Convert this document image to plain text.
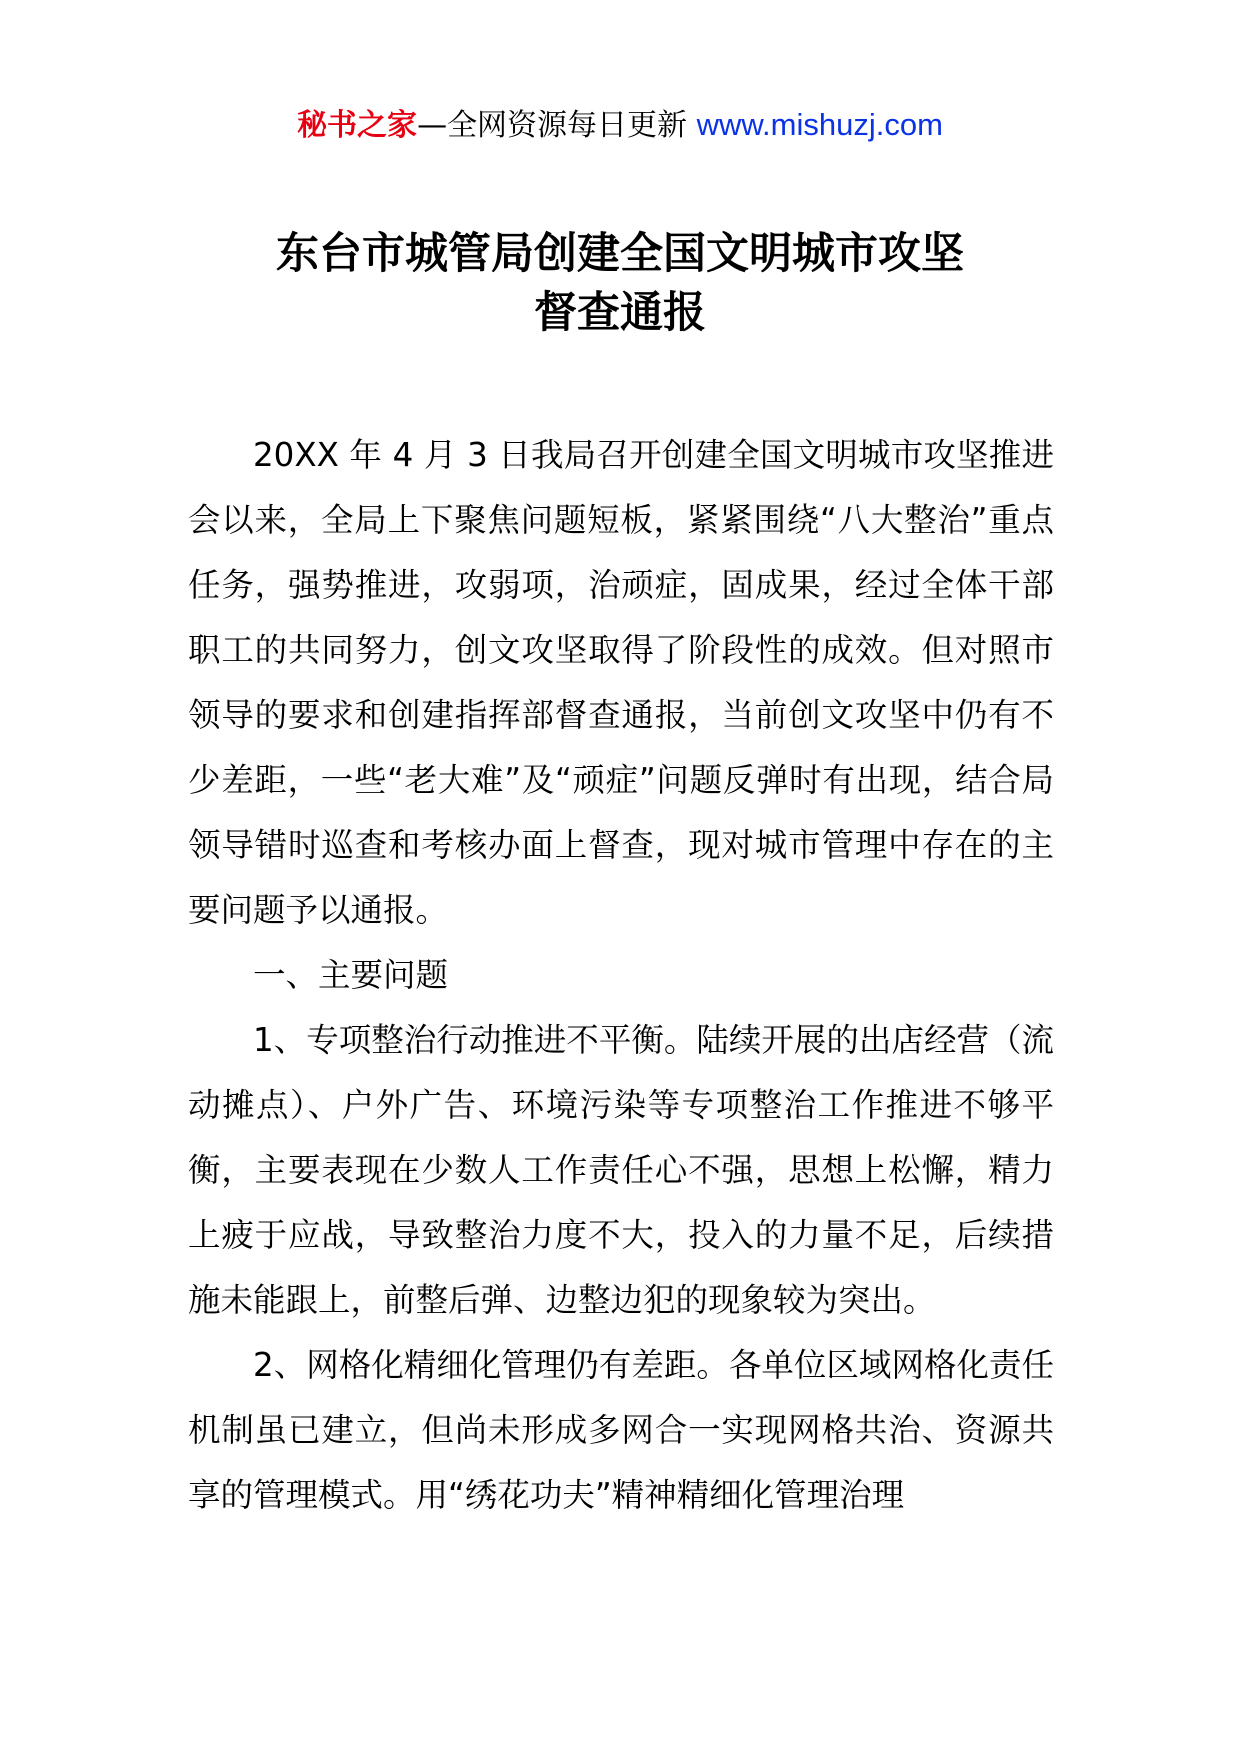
秘书之家—全网资源每日更新 www.mishuzj.com
东台市城管局创建全国文明城市攻坚
督查通报

20XX 年 4 月 3 日我局召开创建全国文明城市攻坚推进会以来，全局上下聚焦问题短板，紧紧围绕“八大整治”重点任务，强势推进，攻弱项，治顽症，固成果，经过全体干部职工的共同努力，创文攻坚取得了阶段性的成效。但对照市领导的要求和创建指挥部督查通报，当前创文攻坚中仍有不少差距，一些“老大难”及“顽症”问题反弹时有出现，结合局领导错时巡查和考核办面上督查，现对城市管理中存在的主要问题予以通报。

一、主要问题

1、专项整治行动推进不平衡。陆续开展的出店经营（流动摊点）、户外广告、环境污染等专项整治工作推进不够平衡，主要表现在少数人工作责任心不强，思想上松懈，精力上疲于应战，导致整治力度不大，投入的力量不足，后续措施未能跟上，前整后弹、边整边犯的现象较为突出。

2、网格化精细化管理仍有差距。各单位区域网格化责任机制虽已建立，但尚未形成多网合一实现网格共治、资源共享的管理模式。用“绣花功夫”精神精细化管理治理
